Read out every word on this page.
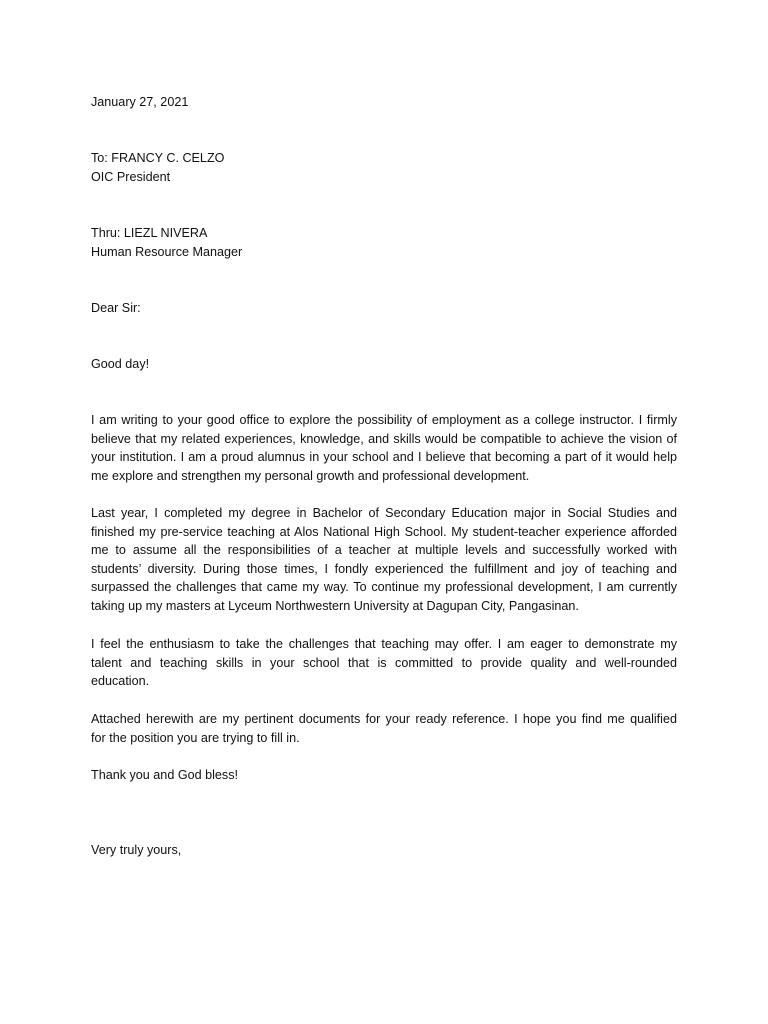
January 27, 2021
To: FRANCY C. CELZO
OIC President
Thru: LIEZL NIVERA
Human Resource Manager
Dear Sir:
Good day!
I am writing to your good office to explore the possibility of employment as a college instructor. I firmly
believe that my related experiences, knowledge, and skills would be compatible to achieve the vision of
your institution. I am a proud alumnus in your school and I believe that becoming a part of it would help
me explore and strengthen my personal growth and professional development.
Last year, I completed my degree in Bachelor of Secondary Education major in Social Studies and
finished my pre-service teaching at Alos National High School. My student-teacher experience afforded
me to assume all the responsibilities of a teacher at multiple levels and successfully worked with
students’ diversity. During those times, I fondly experienced the fulfillment and joy of teaching and
surpassed the challenges that came my way. To continue my professional development, I am currently
taking up my masters at Lyceum Northwestern University at Dagupan City, Pangasinan.
I feel the enthusiasm to take the challenges that teaching may offer. I am eager to demonstrate my
talent and teaching skills in your school that is committed to provide quality and well-rounded
education.
Attached herewith are my pertinent documents for your ready reference. I hope you find me qualified
for the position you are trying to fill in.
Thank you and God bless!
Very truly yours,
